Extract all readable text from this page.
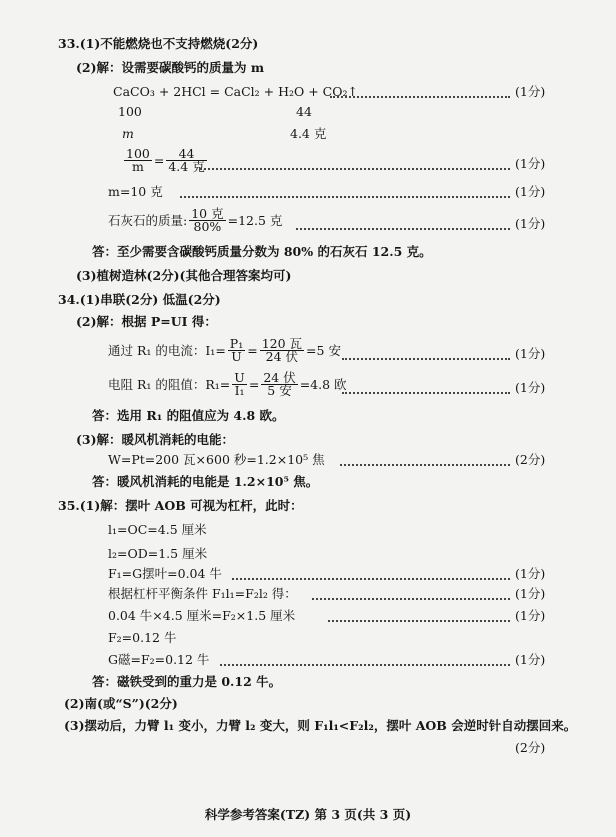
33.(1)不能燃烧也不支持燃烧(2分)
(2)解：设需要碳酸钙的质量为 m
CaCO₃ + 2HCl = CaCl₂ + H₂O + CO₂↑	(1分)
100	44
m	4.4 克
$\frac{100}{m} = \frac{44}{\text{4.4 克}}$	(1分)
m=10 克	(1分)
石灰石的质量: $\frac{\text{10 克}}{80\%} =12.5$ 克	(1分)
答：至少需要含碳酸钙质量分数为 80% 的石灰石 12.5 克。
(3)植树造林(2分)(其他合理答案均可)
34.(1)串联(2分) 低温(2分)
(2)解：根据 P=UI 得：
通过 R₁ 的电流：$I_1= \frac{\text{P₁}}{U} = \frac{\text{120 瓦}}{\text{24 伏}} =5$ 安	(1分)
电阻 R₁ 的阻值：$R_1= \frac{U}{\text{I₁}} = \frac{\text{24 伏}}{\text{5 安}} =4.8$ 欧	(1分)
答：选用 R₁ 的阻值应为 4.8 欧。
(3)解：暖风机消耗的电能：
W=Pt=200 瓦×600 秒=1.2×10⁵ 焦	(2分)
答：暖风机消耗的电能是 1.2×10⁵ 焦。
35.(1)解：摆叶 AOB 可视为杠杆，此时：
l₁=OC=4.5 厘米
l₂=OD=1.5 厘米
F₁=G摆叶=0.04 牛	(1分)
根据杠杆平衡条件 F₁l₁=F₂l₂ 得：	(1分)
0.04 牛×4.5 厘米=F₂×1.5 厘米	(1分)
F₂=0.12 牛
G磁=F₂=0.12 牛	(1分)
答：磁铁受到的重力是 0.12 牛。
(2)南(或“S”)(2分)
(3)摆动后，力臂 l₁ 变小，力臂 l₂ 变大，则 F₁l₁<F₂l₂，摆叶 AOB 会逆时针自动摆回来。
(2分)
科学参考答案(TZ) 第 3 页(共 3 页)
